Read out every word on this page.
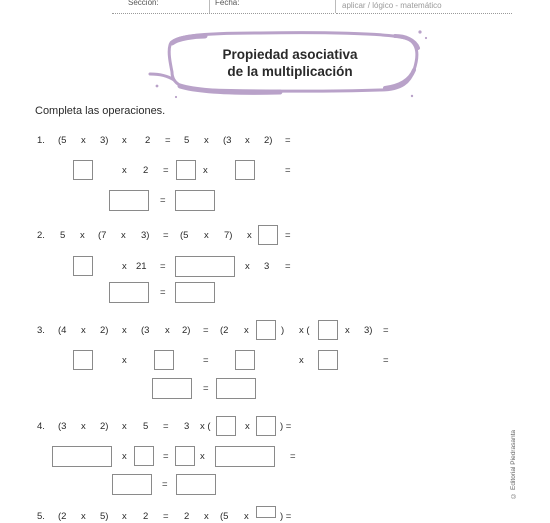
Sección:	Fecha:	aplicar / lógico - matemático
Propiedad asociativa
de la multiplicación
Completa las operaciones.
1. (5 x 3) x 2 = 5 x (3 x 2) =
x 2 =	x	=
=
2. 5 x (7 x 3) = (5 x 7) x	=
x 21 =	x 3 =
=
3. (4 x 2) x (3 x 2) = (2 x	) x (	x 3) =
x	=	x	=
=
4. (3 x 2) x 5 = 3 x (	x	) =
x	=	x	=
=
5. (2 x 5) x 2 = 2 x (5 x	) =
© Editorial Piedrasanta
